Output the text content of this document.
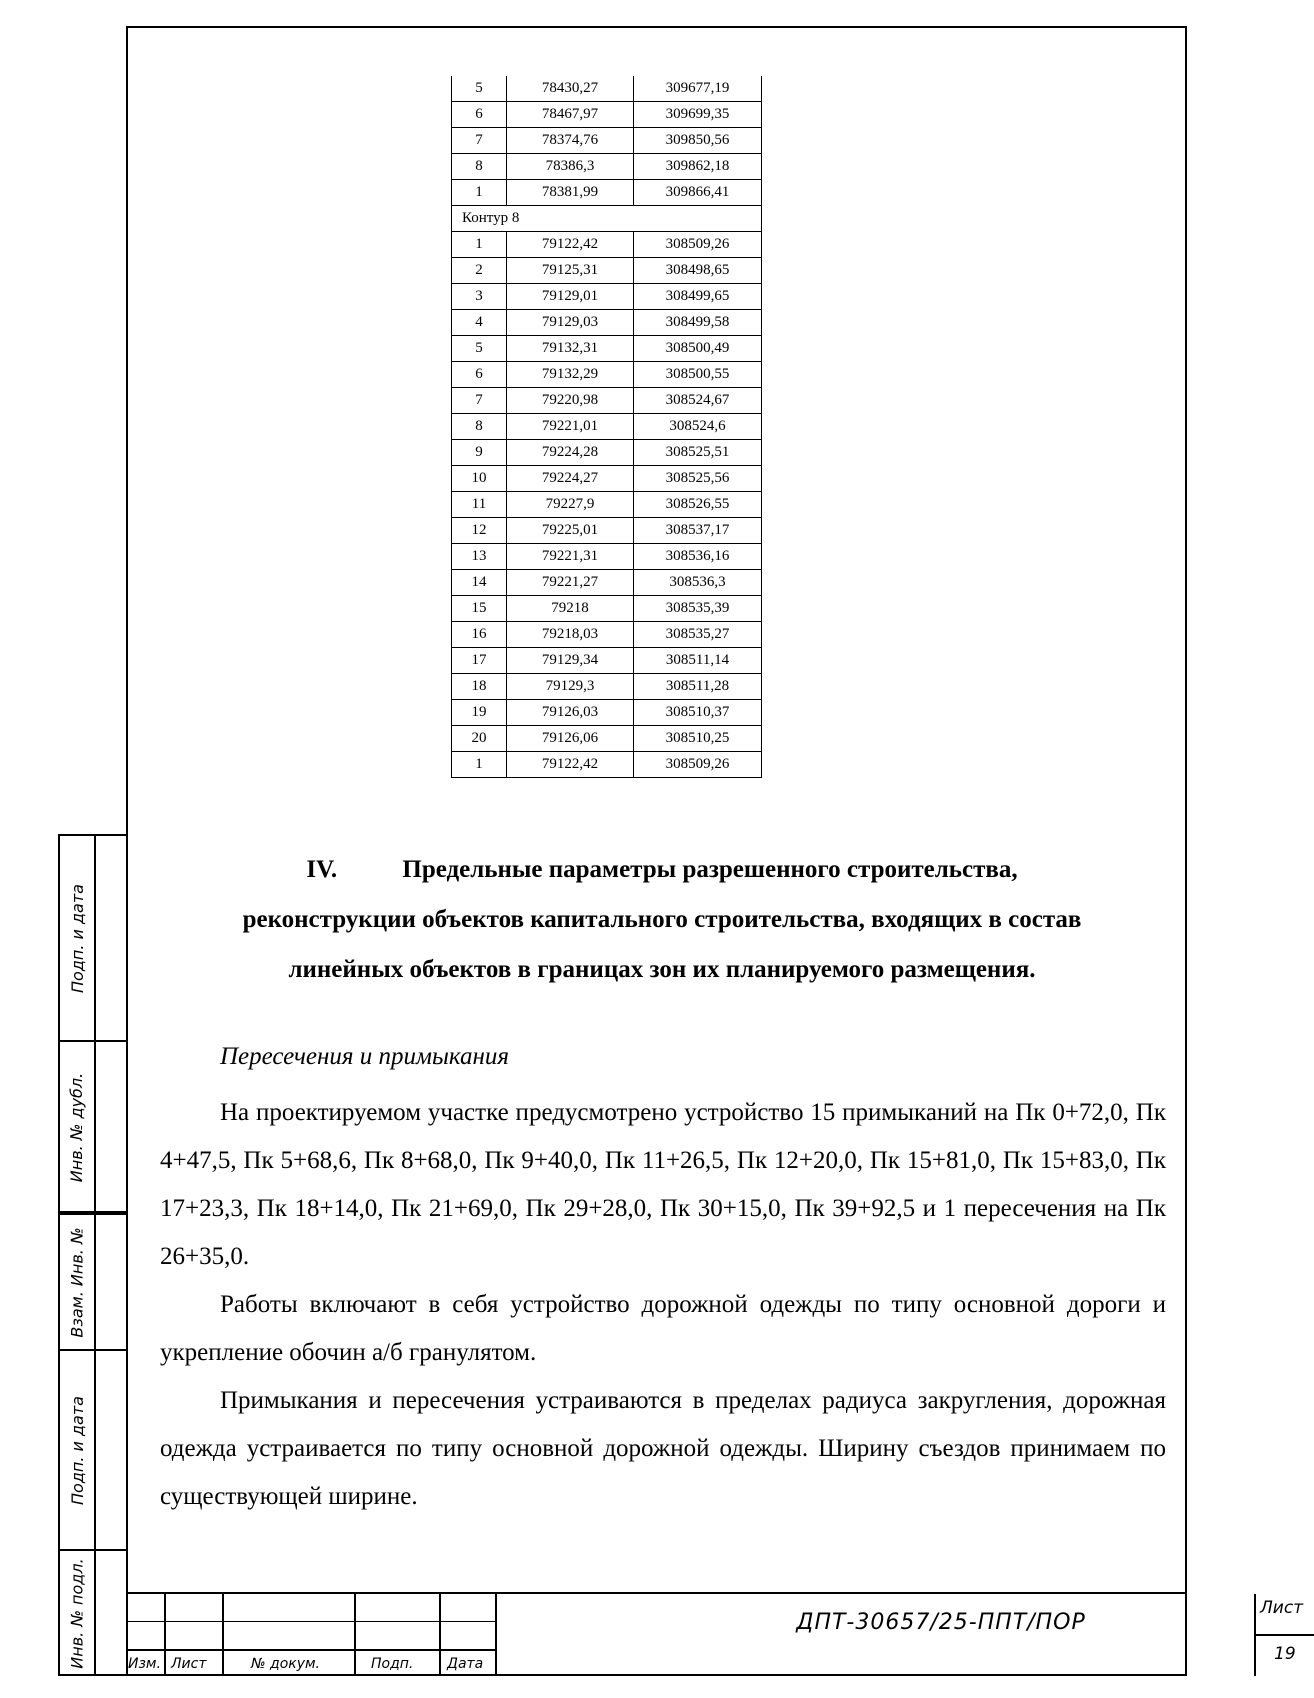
5	78430,27	309677,19
6	78467,97	309699,35
7	78374,76	309850,56
8	78386,3	309862,18
1	78381,99	309866,41
Контур 8		
1	79122,42	308509,26
2	79125,31	308498,65
3	79129,01	308499,65
4	79129,03	308499,58
5	79132,31	308500,49
6	79132,29	308500,55
7	79220,98	308524,67
8	79221,01	308524,6
9	79224,28	308525,51
10	79224,27	308525,56
11	79227,9	308526,55
12	79225,01	308537,17
13	79221,31	308536,16
14	79221,27	308536,3
15	79218	308535,39
16	79218,03	308535,27
17	79129,34	308511,14
18	79129,3	308511,28
19	79126,03	308510,37
20	79126,06	308510,25
1	79122,42	308509,26
IV.	Предельные параметры разрешенного строительства,
реконструкции объектов капитального строительства, входящих в состав
линейных объектов в границах зон их планируемого размещения.
Пересечения и примыкания

На проектируемом участке предусмотрено устройство 15 примыканий на Пк 0+72,0, Пк 4+47,5, Пк 5+68,6, Пк 8+68,0, Пк 9+40,0, Пк 11+26,5, Пк 12+20,0, Пк 15+81,0, Пк 15+83,0, Пк 17+23,3, Пк 18+14,0, Пк 21+69,0, Пк 29+28,0, Пк 30+15,0, Пк 39+92,5 и 1 пересечения на Пк 26+35,0.

Работы включают в себя устройство дорожной одежды по типу основной дороги и укрепление обочин а/б гранулятом.

Примыкания и пересечения устраиваются в пределах радиуса закругления, дорожная одежда устраивается по типу основной дорожной одежды. Ширину съездов принимаем по существующей ширине.

Подп. и дата
Инв. № дубл.
Взам. Инв. №
Подп. и дата
Инв. № подл.	Изм. Лист	№ докум.	Подп. Дата
ДПТ-30657/25-ППТ/ПОР
Лист
19
